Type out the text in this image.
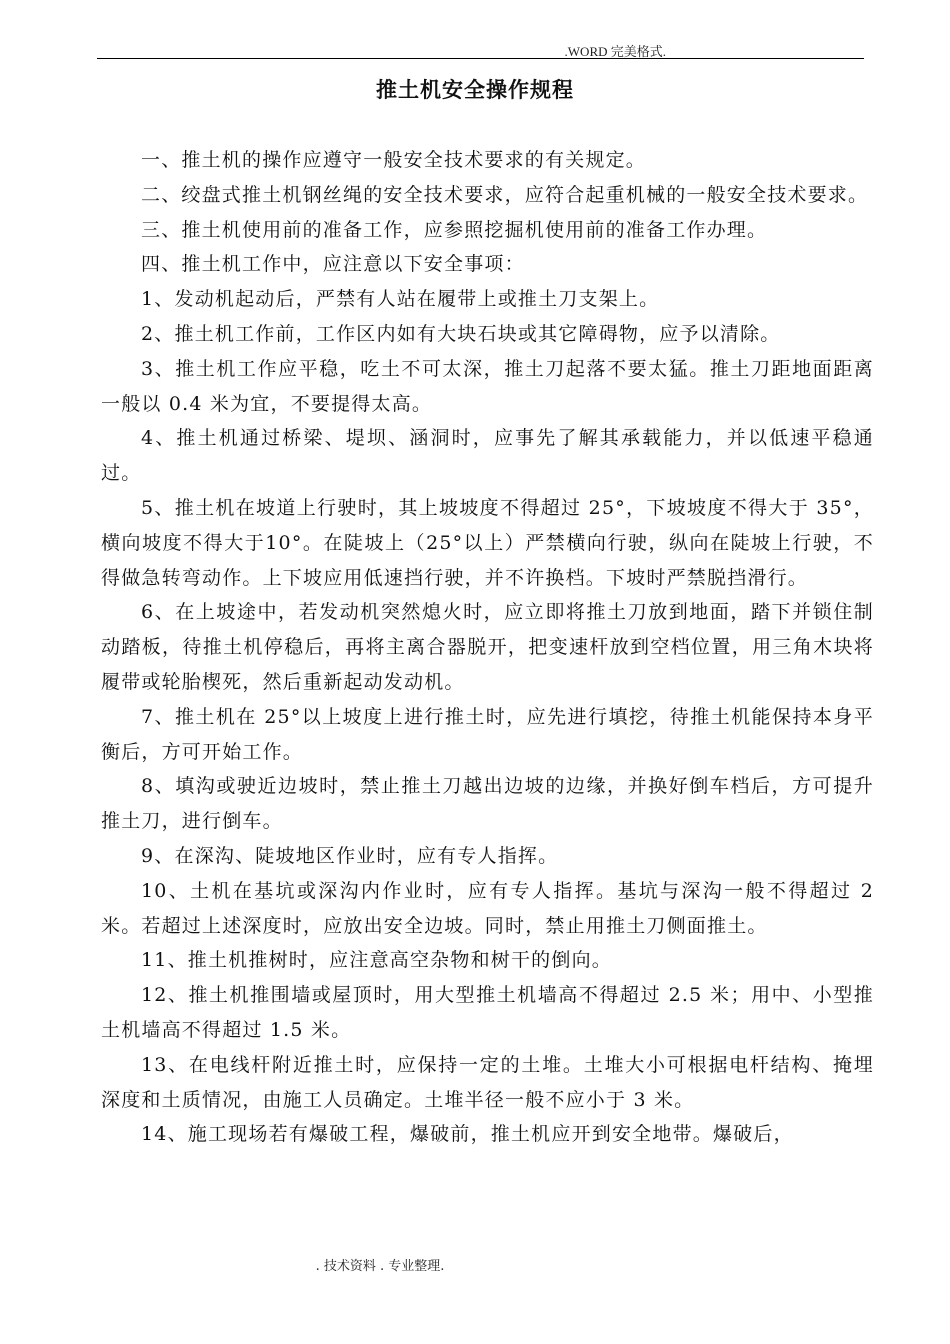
.WORD 完美格式.
推土机安全操作规程

一、推土机的操作应遵守一般安全技术要求的有关规定。

二、绞盘式推土机钢丝绳的安全技术要求，应符合起重机械的一般安全技术要求。

三、推土机使用前的准备工作，应参照挖掘机使用前的准备工作办理。

四、推土机工作中，应注意以下安全事项：

1、发动机起动后，严禁有人站在履带上或推土刀支架上。

2、推土机工作前，工作区内如有大块石块或其它障碍物，应予以清除。

3、推土机工作应平稳，吃土不可太深，推土刀起落不要太猛。推土刀距地面距离一般以 0.4 米为宜，不要提得太高。

4、推土机通过桥梁、堤坝、涵洞时，应事先了解其承载能力，并以低速平稳通过。

5、推土机在坡道上行驶时，其上坡坡度不得超过 25°，下坡坡度不得大于 35°，横向坡度不得大于10°。在陡坡上（25°以上）严禁横向行驶，纵向在陡坡上行驶，不得做急转弯动作。上下坡应用低速挡行驶，并不许换档。下坡时严禁脱挡滑行。

6、在上坡途中，若发动机突然熄火时，应立即将推土刀放到地面，踏下并锁住制动踏板，待推土机停稳后，再将主离合器脱开，把变速杆放到空档位置，用三角木块将履带或轮胎楔死，然后重新起动发动机。

7、推土机在 25°以上坡度上进行推土时，应先进行填挖，待推土机能保持本身平衡后，方可开始工作。

8、填沟或驶近边坡时，禁止推土刀越出边坡的边缘，并换好倒车档后，方可提升推土刀，进行倒车。

9、在深沟、陡坡地区作业时，应有专人指挥。

10、土机在基坑或深沟内作业时，应有专人指挥。基坑与深沟一般不得超过 2 米。若超过上述深度时，应放出安全边坡。同时，禁止用推土刀侧面推土。

11、推土机推树时，应注意高空杂物和树干的倒向。

12、推土机推围墙或屋顶时，用大型推土机墙高不得超过 2.5 米；用中、小型推土机墙高不得超过 1.5 米。

13、在电线杆附近推土时，应保持一定的土堆。土堆大小可根据电杆结构、掩埋深度和土质情况，由施工人员确定。土堆半径一般不应小于 3 米。

14、施工现场若有爆破工程，爆破前，推土机应开到安全地带。爆破后，

. 技术资料 . 专业整理.
